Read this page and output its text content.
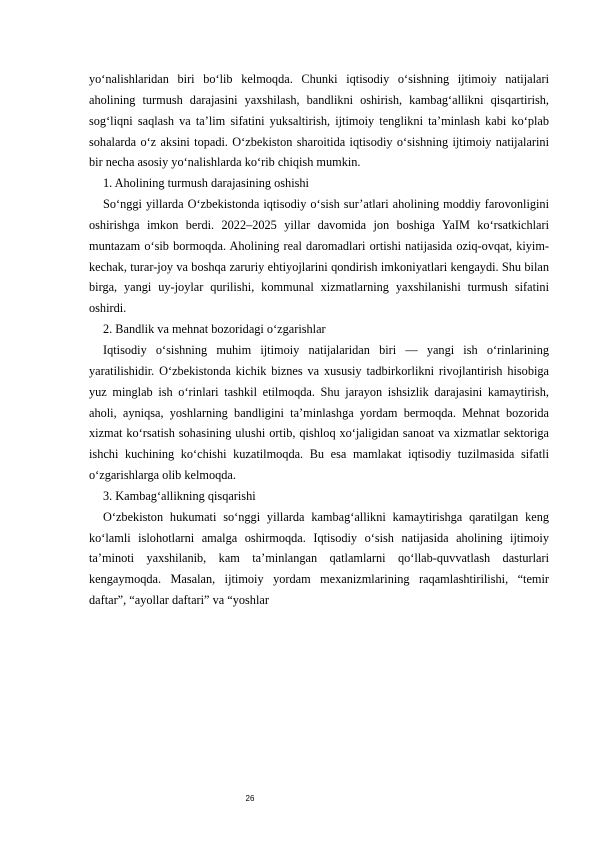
yo‘nalishlaridan biri bo‘lib kelmoqda. Chunki iqtisodiy o‘sishning ijtimoiy natijalari aholining turmush darajasini yaxshilash, bandlikni oshirish, kambag‘allikni qisqartirish, sog‘liqni saqlash va ta’lim sifatini yuksaltirish, ijtimoiy tenglikni ta’minlash kabi ko‘plab sohalarda o‘z aksini topadi. O‘zbekiston sharoitida iqtisodiy o‘sishning ijtimoiy natijalarini bir necha asosiy yo‘nalishlarda ko‘rib chiqish mumkin.

1. Aholining turmush darajasining oshishi

So‘nggi yillarda O‘zbekistonda iqtisodiy o‘sish sur’atlari aholining moddiy farovonligini oshirishga imkon berdi. 2022–2025 yillar davomida jon boshiga YaIM ko‘rsatkichlari muntazam o‘sib bormoqda. Aholining real daromadlari ortishi natijasida oziq-ovqat, kiyim-kechak, turar-joy va boshqa zaruriy ehtiyojlarini qondirish imkoniyatlari kengaydi. Shu bilan birga, yangi uy-joylar qurilishi, kommunal xizmatlarning yaxshilanishi turmush sifatini oshirdi.

2. Bandlik va mehnat bozoridagi o‘zgarishlar

Iqtisodiy o‘sishning muhim ijtimoiy natijalaridan biri — yangi ish o‘rinlarining yaratilishidir. O‘zbekistonda kichik biznes va xususiy tadbirkorlikni rivojlantirish hisobiga yuz minglab ish o‘rinlari tashkil etilmoqda. Shu jarayon ishsizlik darajasini kamaytirish, aholi, ayniqsa, yoshlarning bandligini ta’minlashga yordam bermoqda. Mehnat bozorida xizmat ko‘rsatish sohasining ulushi ortib, qishloq xo‘jaligidan sanoat va xizmatlar sektoriga ishchi kuchining ko‘chishi kuzatilmoqda. Bu esa mamlakat iqtisodiy tuzilmasida sifatli o‘zgarishlarga olib kelmoqda.

3. Kambag‘allikning qisqarishi

O‘zbekiston hukumati so‘nggi yillarda kambag‘allikni kamaytirishga qaratilgan keng ko‘lamli islohotlarni amalga oshirmoqda. Iqtisodiy o‘sish natijasida aholining ijtimoiy ta’minoti yaxshilanib, kam ta’minlangan qatlamlarni qo‘llab-quvvatlash dasturlari kengaymoqda. Masalan, ijtimoiy yordam mexanizmlarining raqamlashtirilishi, “temir daftar”, “ayollar daftari” va “yoshlar

26
